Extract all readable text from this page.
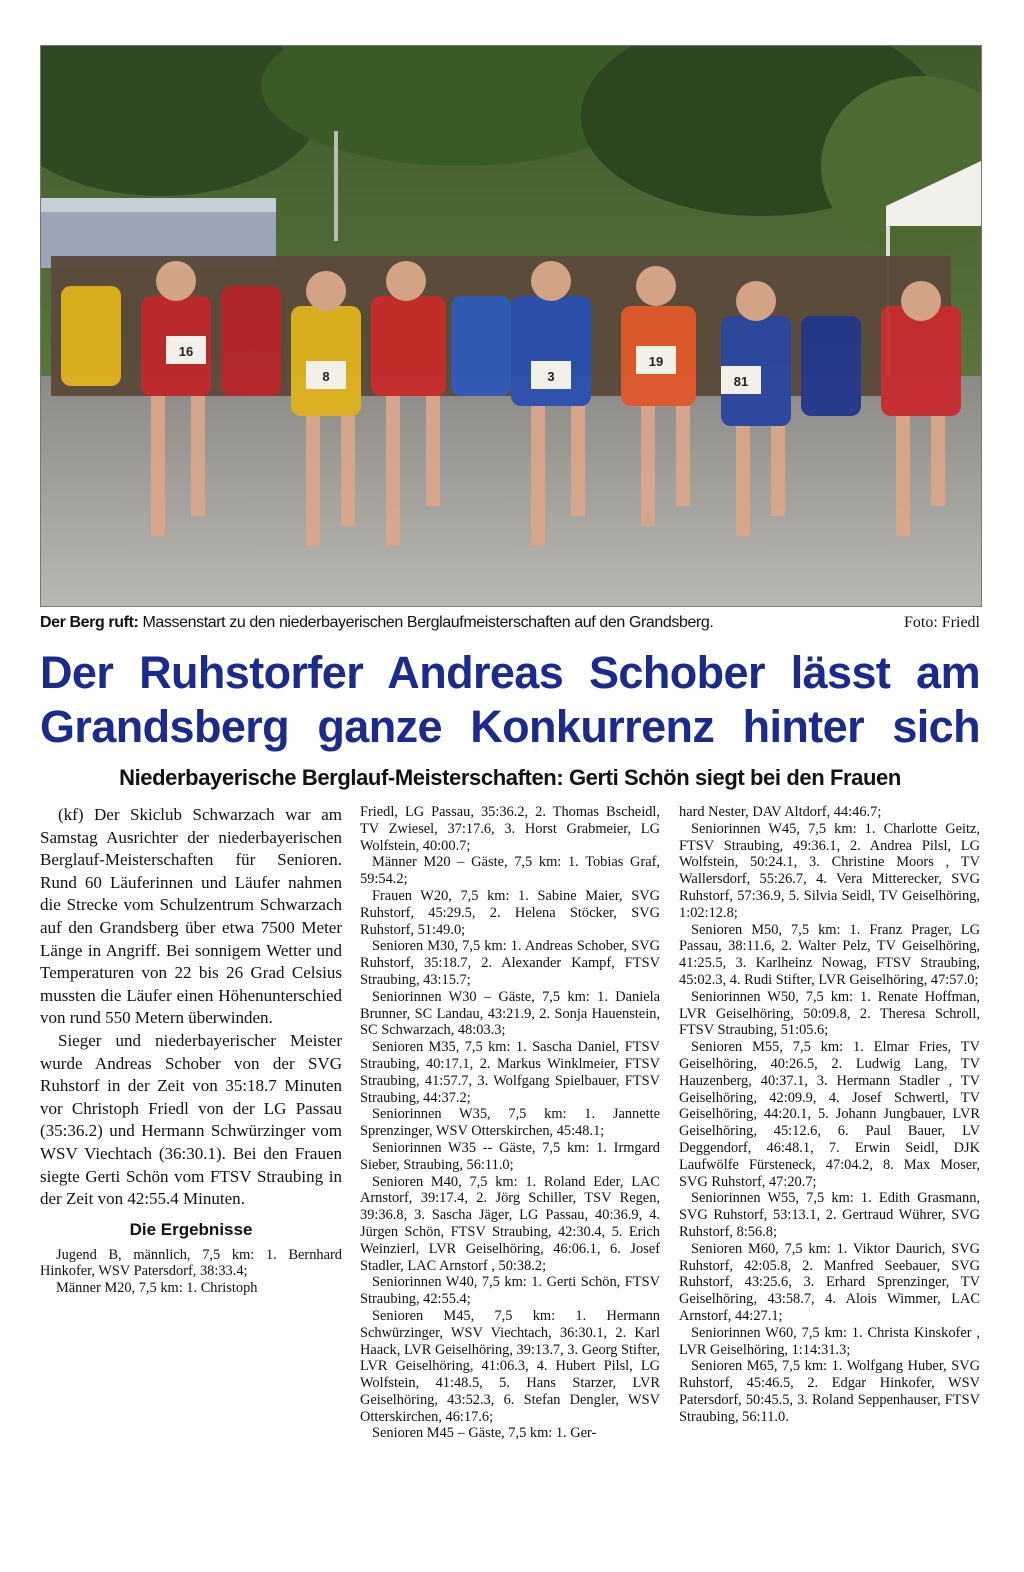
16
8	3
19
81
Der Berg ruft: Massenstart zu den niederbayerischen Berglaufmeisterschaften auf den Grandsberg.	Foto: Friedl
Der Ruhstorfer Andreas Schober lässt am
Grandsberg ganze Konkurrenz hinter sich
Niederbayerische Berglauf-Meisterschaften: Gerti Schön siegt bei den Frauen

(kf) Der Skiclub Schwarzach war am Samstag Ausrichter der niederbayerischen Berglauf-Meisterschaften für Senioren. Rund 60 Läuferinnen und Läufer nahmen die Strecke vom Schulzentrum Schwarzach auf den Grandsberg über etwa 7500 Meter Länge in Angriff. Bei sonnigem Wetter und Temperaturen von 22 bis 26 Grad Celsius mussten die Läufer einen Höhenunterschied von rund 550 Metern überwinden.

Sieger und niederbayerischer Meister wurde Andreas Schober von der SVG Ruhstorf in der Zeit von 35:18.7 Minuten vor Christoph Friedl von der LG Passau (35:36.2) und Hermann Schwürzinger vom WSV Viechtach (36:30.1). Bei den Frauen siegte Gerti Schön vom FTSV Straubing in der Zeit von 42:55.4 Minuten.

Die Ergebnisse

Jugend B, männlich, 7,5 km: 1. Bernhard Hinkofer, WSV Patersdorf, 38:33.4;

Männer M20, 7,5 km: 1. Christoph

Friedl, LG Passau, 35:36.2, 2. Thomas Bscheidl, TV Zwiesel, 37:17.6, 3. Horst Grabmeier, LG Wolfstein, 40:00.7;

Männer M20 – Gäste, 7,5 km: 1. Tobias Graf, 59:54.2;

Frauen W20, 7,5 km: 1. Sabine Maier, SVG Ruhstorf, 45:29.5, 2. Helena Stöcker, SVG Ruhstorf, 51:49.0;

Senioren M30, 7,5 km: 1. Andreas Schober, SVG Ruhstorf, 35:18.7, 2. Alexander Kampf, FTSV Straubing, 43:15.7;

Seniorinnen W30 – Gäste, 7,5 km: 1. Daniela Brunner, SC Landau, 43:21.9, 2. Sonja Hauenstein, SC Schwarzach, 48:03.3;

Senioren M35, 7,5 km: 1. Sascha Daniel, FTSV Straubing, 40:17.1, 2. Markus Winklmeier, FTSV Straubing, 41:57.7, 3. Wolfgang Spielbauer, FTSV Straubing, 44:37.2;

Seniorinnen W35, 7,5 km: 1. Jannette Sprenzinger, WSV Otterskirchen, 45:48.1;

Seniorinnen W35 -- Gäste, 7,5 km: 1. Irmgard Sieber, Straubing, 56:11.0;

Senioren M40, 7,5 km: 1. Roland Eder, LAC Arnstorf, 39:17.4, 2. Jörg Schiller, TSV Regen, 39:36.8, 3. Sascha Jäger, LG Passau, 40:36.9, 4. Jürgen Schön, FTSV Straubing, 42:30.4, 5. Erich Weinzierl, LVR Geiselhöring, 46:06.1, 6. Josef Stadler, LAC Arnstorf , 50:38.2;

Seniorinnen W40, 7,5 km: 1. Gerti Schön, FTSV Straubing, 42:55.4;

Senioren M45, 7,5 km: 1. Hermann Schwürzinger, WSV Viechtach, 36:30.1, 2. Karl Haack, LVR Geiselhöring, 39:13.7, 3. Georg Stifter, LVR Geiselhöring, 41:06.3, 4. Hubert Pilsl, LG Wolfstein, 41:48.5, 5. Hans Starzer, LVR Geiselhöring, 43:52.3, 6. Stefan Dengler, WSV Otterskirchen, 46:17.6;

Senioren M45 – Gäste, 7,5 km: 1. Ger-

hard Nester, DAV Altdorf, 44:46.7;

Seniorinnen W45, 7,5 km: 1. Charlotte Geitz, FTSV Straubing, 49:36.1, 2. Andrea Pilsl, LG Wolfstein, 50:24.1, 3. Christine Moors , TV Wallersdorf, 55:26.7, 4. Vera Mitterecker, SVG Ruhstorf, 57:36.9, 5. Silvia Seidl, TV Geiselhöring, 1:02:12.8;

Senioren M50, 7,5 km: 1. Franz Prager, LG Passau, 38:11.6, 2. Walter Pelz, TV Geiselhöring, 41:25.5, 3. Karlheinz Nowag, FTSV Straubing, 45:02.3, 4. Rudi Stifter, LVR Geiselhöring, 47:57.0;

Seniorinnen W50, 7,5 km: 1. Renate Hoffman, LVR Geiselhöring, 50:09.8, 2. Theresa Schroll, FTSV Straubing, 51:05.6;

Senioren M55, 7,5 km: 1. Elmar Fries, TV Geiselhöring, 40:26.5, 2. Ludwig Lang, TV Hauzenberg, 40:37.1, 3. Hermann Stadler , TV Geiselhöring, 42:09.9, 4. Josef Schwertl, TV Geiselhöring, 44:20.1, 5. Johann Jungbauer, LVR Geiselhöring, 45:12.6, 6. Paul Bauer, LV Deggendorf, 46:48.1, 7. Erwin Seidl, DJK Laufwölfe Fürsteneck, 47:04.2, 8. Max Moser, SVG Ruhstorf, 47:20.7;

Seniorinnen W55, 7,5 km: 1. Edith Grasmann, SVG Ruhstorf, 53:13.1, 2. Gertraud Wührer, SVG Ruhstorf, 8:56.8;

Senioren M60, 7,5 km: 1. Viktor Daurich, SVG Ruhstorf, 42:05.8, 2. Manfred Seebauer, SVG Ruhstorf, 43:25.6, 3. Erhard Sprenzinger, TV Geiselhöring, 43:58.7, 4. Alois Wimmer, LAC Arnstorf, 44:27.1;

Seniorinnen W60, 7,5 km: 1. Christa Kinskofer , LVR Geiselhöring, 1:14:31.3;

Senioren M65, 7,5 km: 1. Wolfgang Huber, SVG Ruhstorf, 45:46.5, 2. Edgar Hinkofer, WSV Patersdorf, 50:45.5, 3. Roland Seppenhauser, FTSV Straubing, 56:11.0.
